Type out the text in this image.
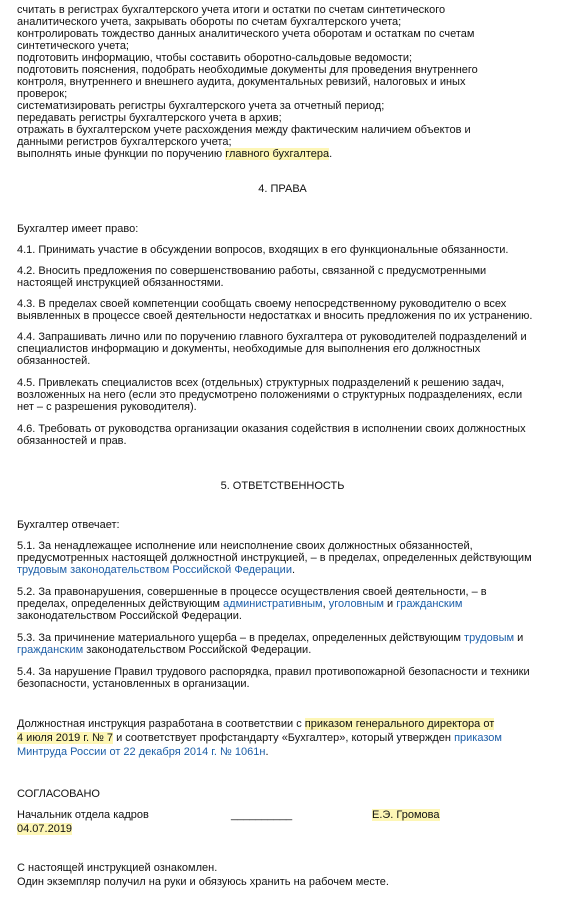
считать в регистрах бухгалтерского учета итоги и остатки по счетам синтетического
аналитического учета, закрывать обороты по счетам бухгалтерского учета;
контролировать тождество данных аналитического учета оборотам и остаткам по счетам
синтетического учета;
подготовить информацию, чтобы составить оборотно-сальдовые ведомости;
подготовить пояснения, подобрать необходимые документы для проведения внутреннего
контроля, внутреннего и внешнего аудита, документальных ревизий, налоговых и иных
проверок;
систематизировать регистры бухгалтерского учета за отчетный период;
передавать регистры бухгалтерского учета в архив;
отражать в бухгалтерском учете расхождения между фактическим наличием объектов и
данными регистров бухгалтерского учета;
выполнять иные функции по поручению главного бухгалтера.
4. ПРАВА
Бухгалтер имеет право:
4.1. Принимать участие в обсуждении вопросов, входящих в его функциональные обязанности.
4.2. Вносить предложения по совершенствованию работы, связанной с предусмотренными
настоящей инструкцией обязанностями.
4.3. В пределах своей компетенции сообщать своему непосредственному руководителю о всех
выявленных в процессе своей деятельности недостатках и вносить предложения по их устранению.
4.4. Запрашивать лично или по поручению главного бухгалтера от руководителей подразделений и
специалистов информацию и документы, необходимые для выполнения его должностных
обязанностей.
4.5. Привлекать специалистов всех (отдельных) структурных подразделений к решению задач,
возложенных на него (если это предусмотрено положениями о структурных подразделениях, если
нет – с разрешения руководителя).
4.6. Требовать от руководства организации оказания содействия в исполнении своих должностных
обязанностей и прав.
5. ОТВЕТСТВЕННОСТЬ
Бухгалтер отвечает:
5.1. За ненадлежащее исполнение или неисполнение своих должностных обязанностей,
предусмотренных настоящей должностной инструкцией, – в пределах, определенных действующим
трудовым законодательством Российской Федерации.
5.2. За правонарушения, совершенные в процессе осуществления своей деятельности, – в
пределах, определенных действующим административным, уголовным и гражданским
законодательством Российской Федерации.
5.3. За причинение материального ущерба – в пределах, определенных действующим трудовым и
гражданским законодательством Российской Федерации.
5.4. За нарушение Правил трудового распорядка, правил противопожарной безопасности и техники
безопасности, установленных в организации.
Должностная инструкция разработана в соответствии с приказом генерального директора от
4 июля 2019 г. № 7 и соответствует профстандарту «Бухгалтер», который утвержден приказом
Минтруда России от 22 декабря 2014 г. № 1061н.
СОГЛАСОВАНО
Начальник отдела кадров	__________	Е.Э. Громова
04.07.2019
С настоящей инструкцией ознакомлен.
Один экземпляр получил на руки и обязуюсь хранить на рабочем месте.
